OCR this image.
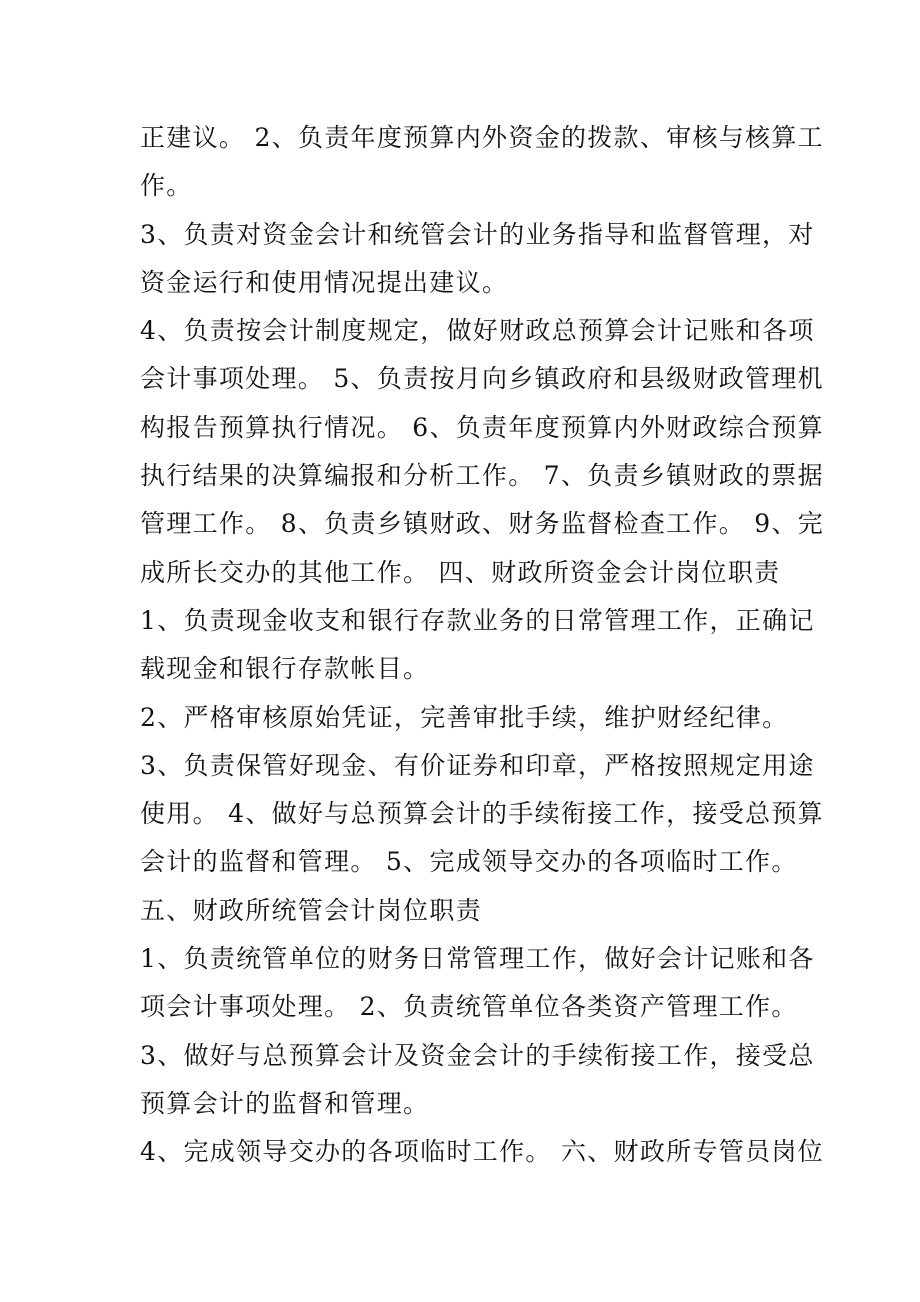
正建议。 2、负责年度预算内外资金的拨款、审核与核算工
作。
3、负责对资金会计和统管会计的业务指导和监督管理，对
资金运行和使用情况提出建议。
4、负责按会计制度规定，做好财政总预算会计记账和各项
会计事项处理。 5、负责按月向乡镇政府和县级财政管理机
构报告预算执行情况。 6、负责年度预算内外财政综合预算
执行结果的决算编报和分析工作。 7、负责乡镇财政的票据
管理工作。 8、负责乡镇财政、财务监督检查工作。 9、完
成所长交办的其他工作。 四、财政所资金会计岗位职责
1、负责现金收支和银行存款业务的日常管理工作，正确记
载现金和银行存款帐目。
2、严格审核原始凭证，完善审批手续，维护财经纪律。
3、负责保管好现金、有价证券和印章，严格按照规定用途
使用。 4、做好与总预算会计的手续衔接工作，接受总预算
会计的监督和管理。 5、完成领导交办的各项临时工作。
五、财政所统管会计岗位职责
1、负责统管单位的财务日常管理工作，做好会计记账和各
项会计事项处理。 2、负责统管单位各类资产管理工作。
3、做好与总预算会计及资金会计的手续衔接工作，接受总
预算会计的监督和管理。
4、完成领导交办的各项临时工作。 六、财政所专管员岗位
